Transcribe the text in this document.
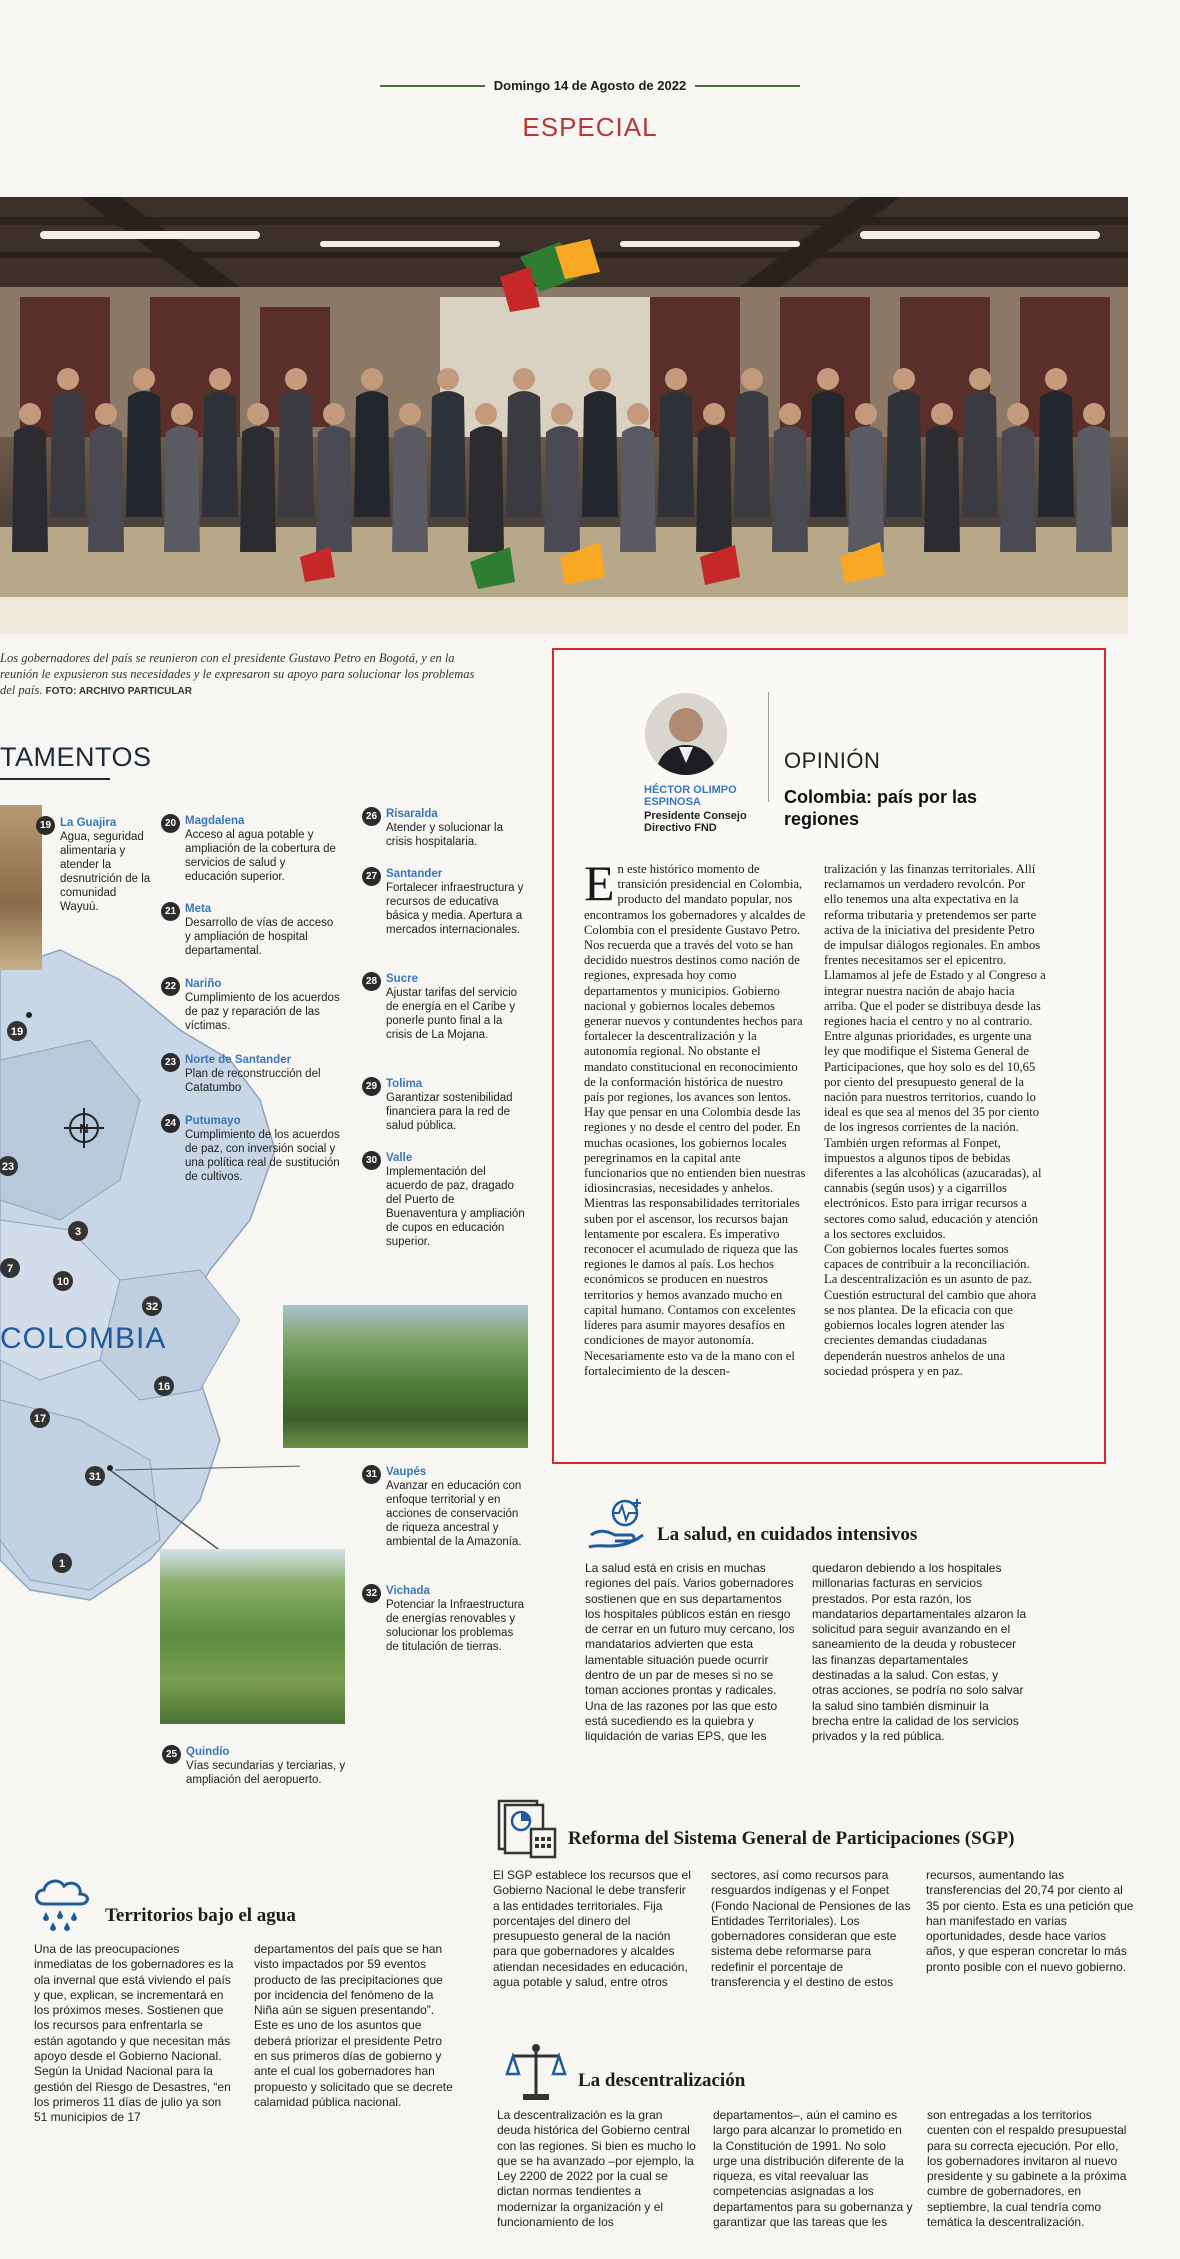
Domingo 14 de Agosto de 2022
ESPECIAL
Los gobernadores del país se reunieron con el presidente Gustavo Petro en Bogotá, y en la reunión le expusieron sus necesidades y le expresaron su apoyo para solucionar los problemas del país. FOTO: ARCHIVO PARTICULAR
TAMENTOS
N
COLOMBIA
19
23
3
7
10
32
16
17
31
1
19 La Guajira
Agua, seguridad alimentaria y atender la desnutrición de la comunidad Wayuú.
20 Magdalena
Acceso al agua potable y ampliación de la cobertura de servicios de salud y educación superior.
21 Meta
Desarrollo de vías de acceso y ampliación de hospital departamental.
22 Nariño
Cumplimiento de los acuerdos de paz y reparación de las víctimas.
23 Norte de Santander
Plan de reconstrucción del Catatumbo
24 Putumayo
Cumplimiento de los acuerdos de paz, con inversión social y una política real de sustitución de cultivos.
26 Risaralda
Atender y solucionar la crisis hospitalaria.
27 Santander
Fortalecer infraestructura y recursos de educativa básica y media. Apertura a mercados internacionales.
28 Sucre
Ajustar tarifas del servicio de energía en el Caribe y ponerle punto final a la crisis de La Mojana.
29 Tolima
Garantizar sostenibilidad financiera para la red de salud pública.
30 Valle
Implementación del acuerdo de paz, dragado del Puerto de Buenaventura y ampliación de cupos en educación superior.
31 Vaupés
Avanzar en educación con enfoque territorial y en acciones de conservación de riqueza ancestral y ambiental de la Amazonía.
32 Vichada
Potenciar la Infraestructura de energías renovables y solucionar los problemas de titulación de tierras.
25 Quindío
Vías secundarias y terciarias, y ampliación del aeropuerto.
HÉCTOR OLIMPO ESPINOSA
Presidente Consejo Directivo FND
OPINIÓN
Colombia: país por las regiones

En este histórico momento de transición presidencial en Colombia, producto del mandato popular, nos encontramos los gobernadores y alcaldes de Colombia con el presidente Gustavo Petro. Nos recuerda que a través del voto se han decidido nuestros destinos como nación de regiones, expresada hoy como departamentos y municipios. Gobierno nacional y gobiernos locales debemos generar nuevos y contundentes hechos para fortalecer la descentralización y la autonomía regional. No obstante el mandato constitucional en reconocimiento de la conformación histórica de nuestro país por regiones, los avances son lentos.

Hay que pensar en una Colombia desde las regiones y no desde el centro del poder. En muchas ocasiones, los gobiernos locales peregrinamos en la capital ante funcionarios que no entienden bien nuestras idiosincrasias, necesidades y anhelos.

Mientras las responsabilidades territoriales suben por el ascensor, los recursos bajan lentamente por escalera. Es imperativo reconocer el acumulado de riqueza que las regiones le damos al país. Los hechos económicos se producen en nuestros territorios y hemos avanzado mucho en capital humano. Contamos con excelentes líderes para asumir mayores desafíos en condiciones de mayor autonomía.

Necesariamente esto va de la mano con el fortalecimiento de la descen-

tralización y las finanzas territoriales. Allí reclamamos un verdadero revolcón. Por ello tenemos una alta expectativa en la reforma tributaria y pretendemos ser parte activa de la iniciativa del presidente Petro de impulsar diálogos regionales. En ambos frentes necesitamos ser el epicentro.

Llamamos al jefe de Estado y al Congreso a integrar nuestra nación de abajo hacia arriba. Que el poder se distribuya desde las regiones hacia el centro y no al contrario.

Entre algunas prioridades, es urgente una ley que modifique el Sistema General de Participaciones, que hoy solo es del 10,65 por ciento del presupuesto general de la nación para nuestros territorios, cuando lo ideal es que sea al menos del 35 por ciento de los ingresos corrientes de la nación. También urgen reformas al Fonpet, impuestos a algunos tipos de bebidas diferentes a las alcohólicas (azucaradas), al cannabis (según usos) y a cigarrillos electrónicos. Esto para irrigar recursos a sectores como salud, educación y atención a los sectores excluidos.

Con gobiernos locales fuertes somos capaces de contribuir a la reconciliación. La descentralización es un asunto de paz. Cuestión estructural del cambio que ahora se nos plantea. De la eficacia con que gobiernos locales logren atender las crecientes demandas ciudadanas dependerán nuestros anhelos de una sociedad próspera y en paz.

La salud, en cuidados intensivos
La salud está en crisis en muchas regiones del país. Varios gobernadores sostienen que en sus departamentos los hospitales públicos están en riesgo de cerrar en un futuro muy cercano, los mandatarios advierten que esta lamentable situación puede ocurrir dentro de un par de meses si no se toman acciones prontas y radicales. Una de las razones por las que esto está sucediendo es la quiebra y liquidación de varias EPS, que les
quedaron debiendo a los hospitales millonarias facturas en servicios prestados. Por esta razón, los mandatarios departamentales alzaron la solicitud para seguir avanzando en el saneamiento de la deuda y robustecer las finanzas departamentales destinadas a la salud. Con estas, y otras acciones, se podría no solo salvar la salud sino también disminuir la brecha entre la calidad de los servicios privados y la red pública.
Reforma del Sistema General de Participaciones (SGP)
El SGP establece los recursos que el Gobierno Nacional le debe transferir a las entidades territoriales. Fija porcentajes del dinero del presupuesto general de la nación para que gobernadores y alcaldes atiendan necesidades en educación, agua potable y salud, entre otros
sectores, así como recursos para resguardos indígenas y el Fonpet (Fondo Nacional de Pensiones de las Entidades Territoriales). Los gobernadores consideran que este sistema debe reformarse para redefinir el porcentaje de transferencia y el destino de estos
recursos, aumentando las transferencias del 20,74 por ciento al 35 por ciento. Esta es una petición que han manifestado en varias oportunidades, desde hace varios años, y que esperan concretar lo más pronto posible con el nuevo gobierno.
Territorios bajo el agua
Una de las preocupaciones inmediatas de los gobernadores es la ola invernal que está viviendo el país y que, explican, se incrementará en los próximos meses. Sostienen que los recursos para enfrentarla se están agotando y que necesitan más apoyo desde el Gobierno Nacional. Según la Unidad Nacional para la gestión del Riesgo de Desastres, “en los primeros 11 días de julio ya son 51 municipios de 17
departamentos del país que se han visto impactados por 59 eventos producto de las precipitaciones que por incidencia del fenómeno de la Niña aún se siguen presentando”. Este es uno de los asuntos que deberá priorizar el presidente Petro en sus primeros días de gobierno y ante el cual los gobernadores han propuesto y solicitado que se decrete calamidad pública nacional.
La descentralización
La descentralización es la gran deuda histórica del Gobierno central con las regiones. Si bien es mucho lo que se ha avanzado –por ejemplo, la Ley 2200 de 2022 por la cual se dictan normas tendientes a modernizar la organización y el funcionamiento de los
departamentos–, aún el camino es largo para alcanzar lo prometido en la Constitución de 1991. No solo urge una distribución diferente de la riqueza, es vital reevaluar las competencias asignadas a los departamentos para su gobernanza y garantizar que las tareas que les
son entregadas a los territorios cuenten con el respaldo presupuestal para su correcta ejecución. Por ello, los gobernadores invitaron al nuevo presidente y su gabinete a la próxima cumbre de gobernadores, en septiembre, la cual tendría como temática la descentralización.
